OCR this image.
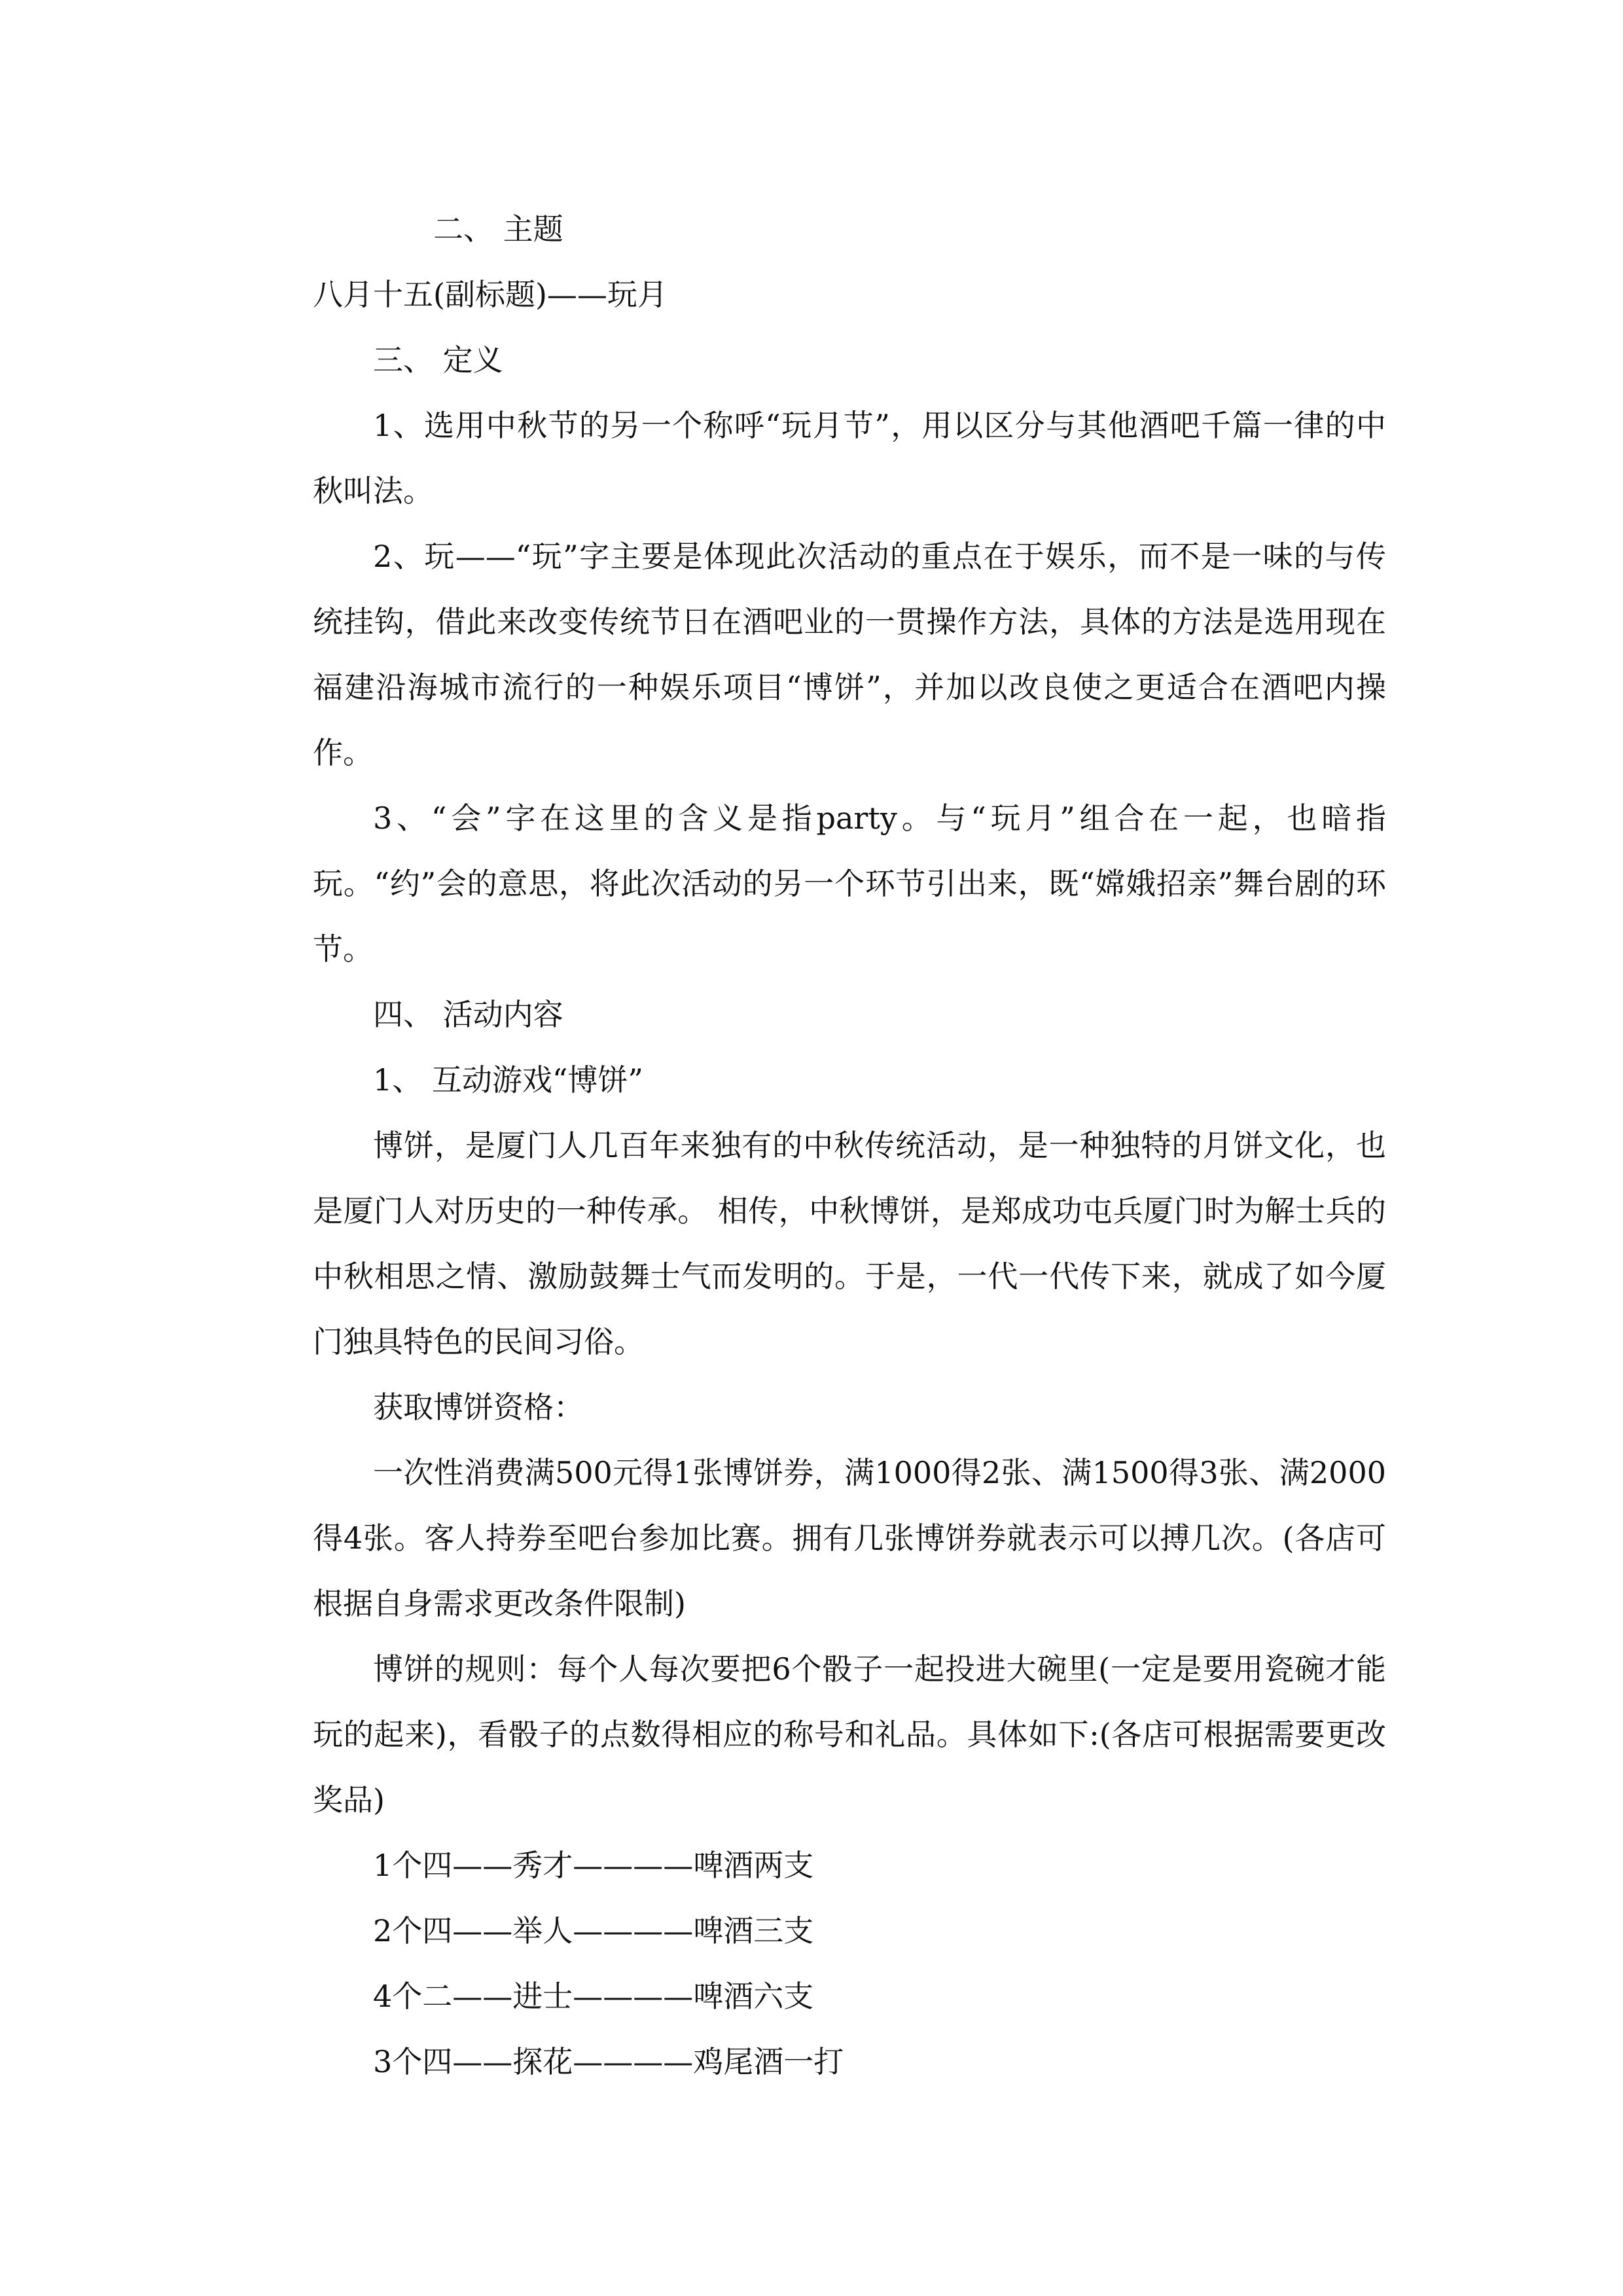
二、 主题
八月十五(副标题)——玩月
三、 定义
1、选用中秋节的另一个称呼“玩月节”，用以区分与其他酒吧千篇一律的中秋叫法。
2、玩——“玩”字主要是体现此次活动的重点在于娱乐，而不是一味的与传统挂钩，借此来改变传统节日在酒吧业的一贯操作方法，具体的方法是选用现在福建沿海城市流行的一种娱乐项目“博饼”，并加以改良使之更适合在酒吧内操作。
3、“会”字在这里的含义是指party。与“玩月”组合在一起，也暗指玩。“约”会的意思，将此次活动的另一个环节引出来，既“嫦娥招亲”舞台剧的环节。
四、 活动内容
1、 互动游戏“博饼”
博饼，是厦门人几百年来独有的中秋传统活动，是一种独特的月饼文化，也是厦门人对历史的一种传承。 相传，中秋博饼，是郑成功屯兵厦门时为解士兵的中秋相思之情、激励鼓舞士气而发明的。于是，一代一代传下来，就成了如今厦门独具特色的民间习俗。
获取博饼资格：
一次性消费满500元得1张博饼券，满1000得2张、满1500得3张、满2000得4张。客人持券至吧台参加比赛。拥有几张博饼券就表示可以搏几次。(各店可根据自身需求更改条件限制)
博饼的规则：每个人每次要把6个骰子一起投进大碗里(一定是要用瓷碗才能玩的起来)，看骰子的点数得相应的称号和礼品。具体如下:(各店可根据需要更改奖品)
1个四——秀才————啤酒两支
2个四——举人————啤酒三支
4个二——进士————啤酒六支
3个四——探花————鸡尾酒一打
